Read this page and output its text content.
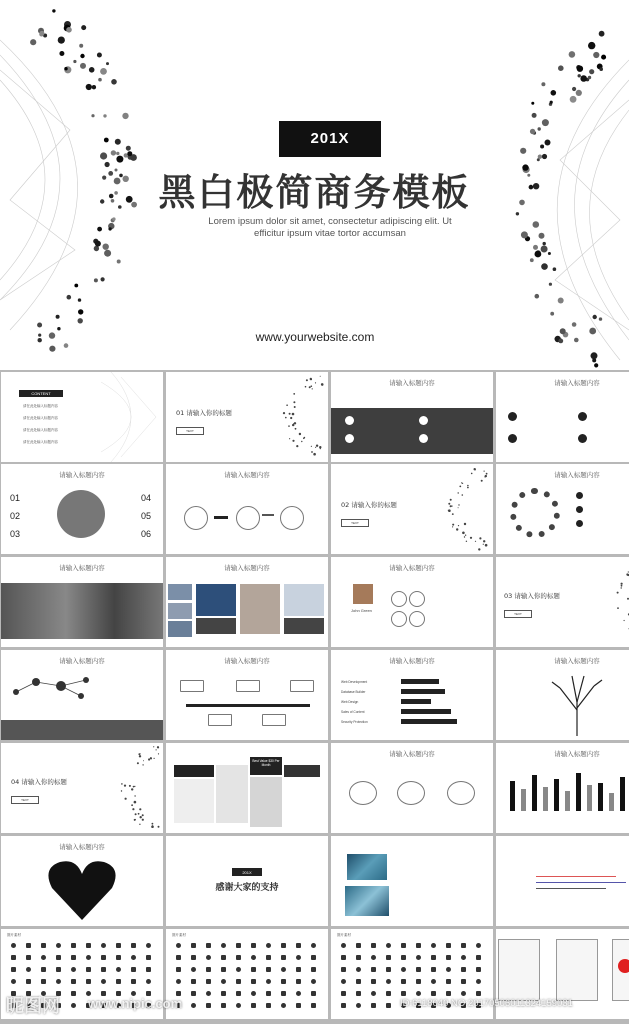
201X
黑白极简商务模板
Lorem ipsum dolor sit amet, consectetur adipiscing elit. Ut efficitur ipsum vitae tortor accumsan
www.yourwebsite.com
CONTENT
请在此处输入标题内容
请在此处输入标题内容
请在此处输入标题内容
请在此处输入标题内容
01 请输入你的标题
TEXT
请输入标题内容	请输入标题内容
请输入标题内容
01
02
03
04
05
06
请输入标题内容
02 请输入你的标题
TEXT
请输入标题内容
请输入标题内容	请输入标题内容	请输入标题内容
John Green
03 请输入你的标题
TEXT
请输入标题内容	请输入标题内容	请输入标题内容
Web Development
Database Builder
Web Design
Sales of Content
Security Protection
请输入标题内容
04 请输入你的标题
TEXT
Best Value $30 Per Month
请输入标题内容	请输入标题内容
请输入标题内容
201X
感谢大家的支持
图片素材	图片素材	图片素材
昵图网 www.nipic.com	ID:6118040 NO:20170506011324159031
